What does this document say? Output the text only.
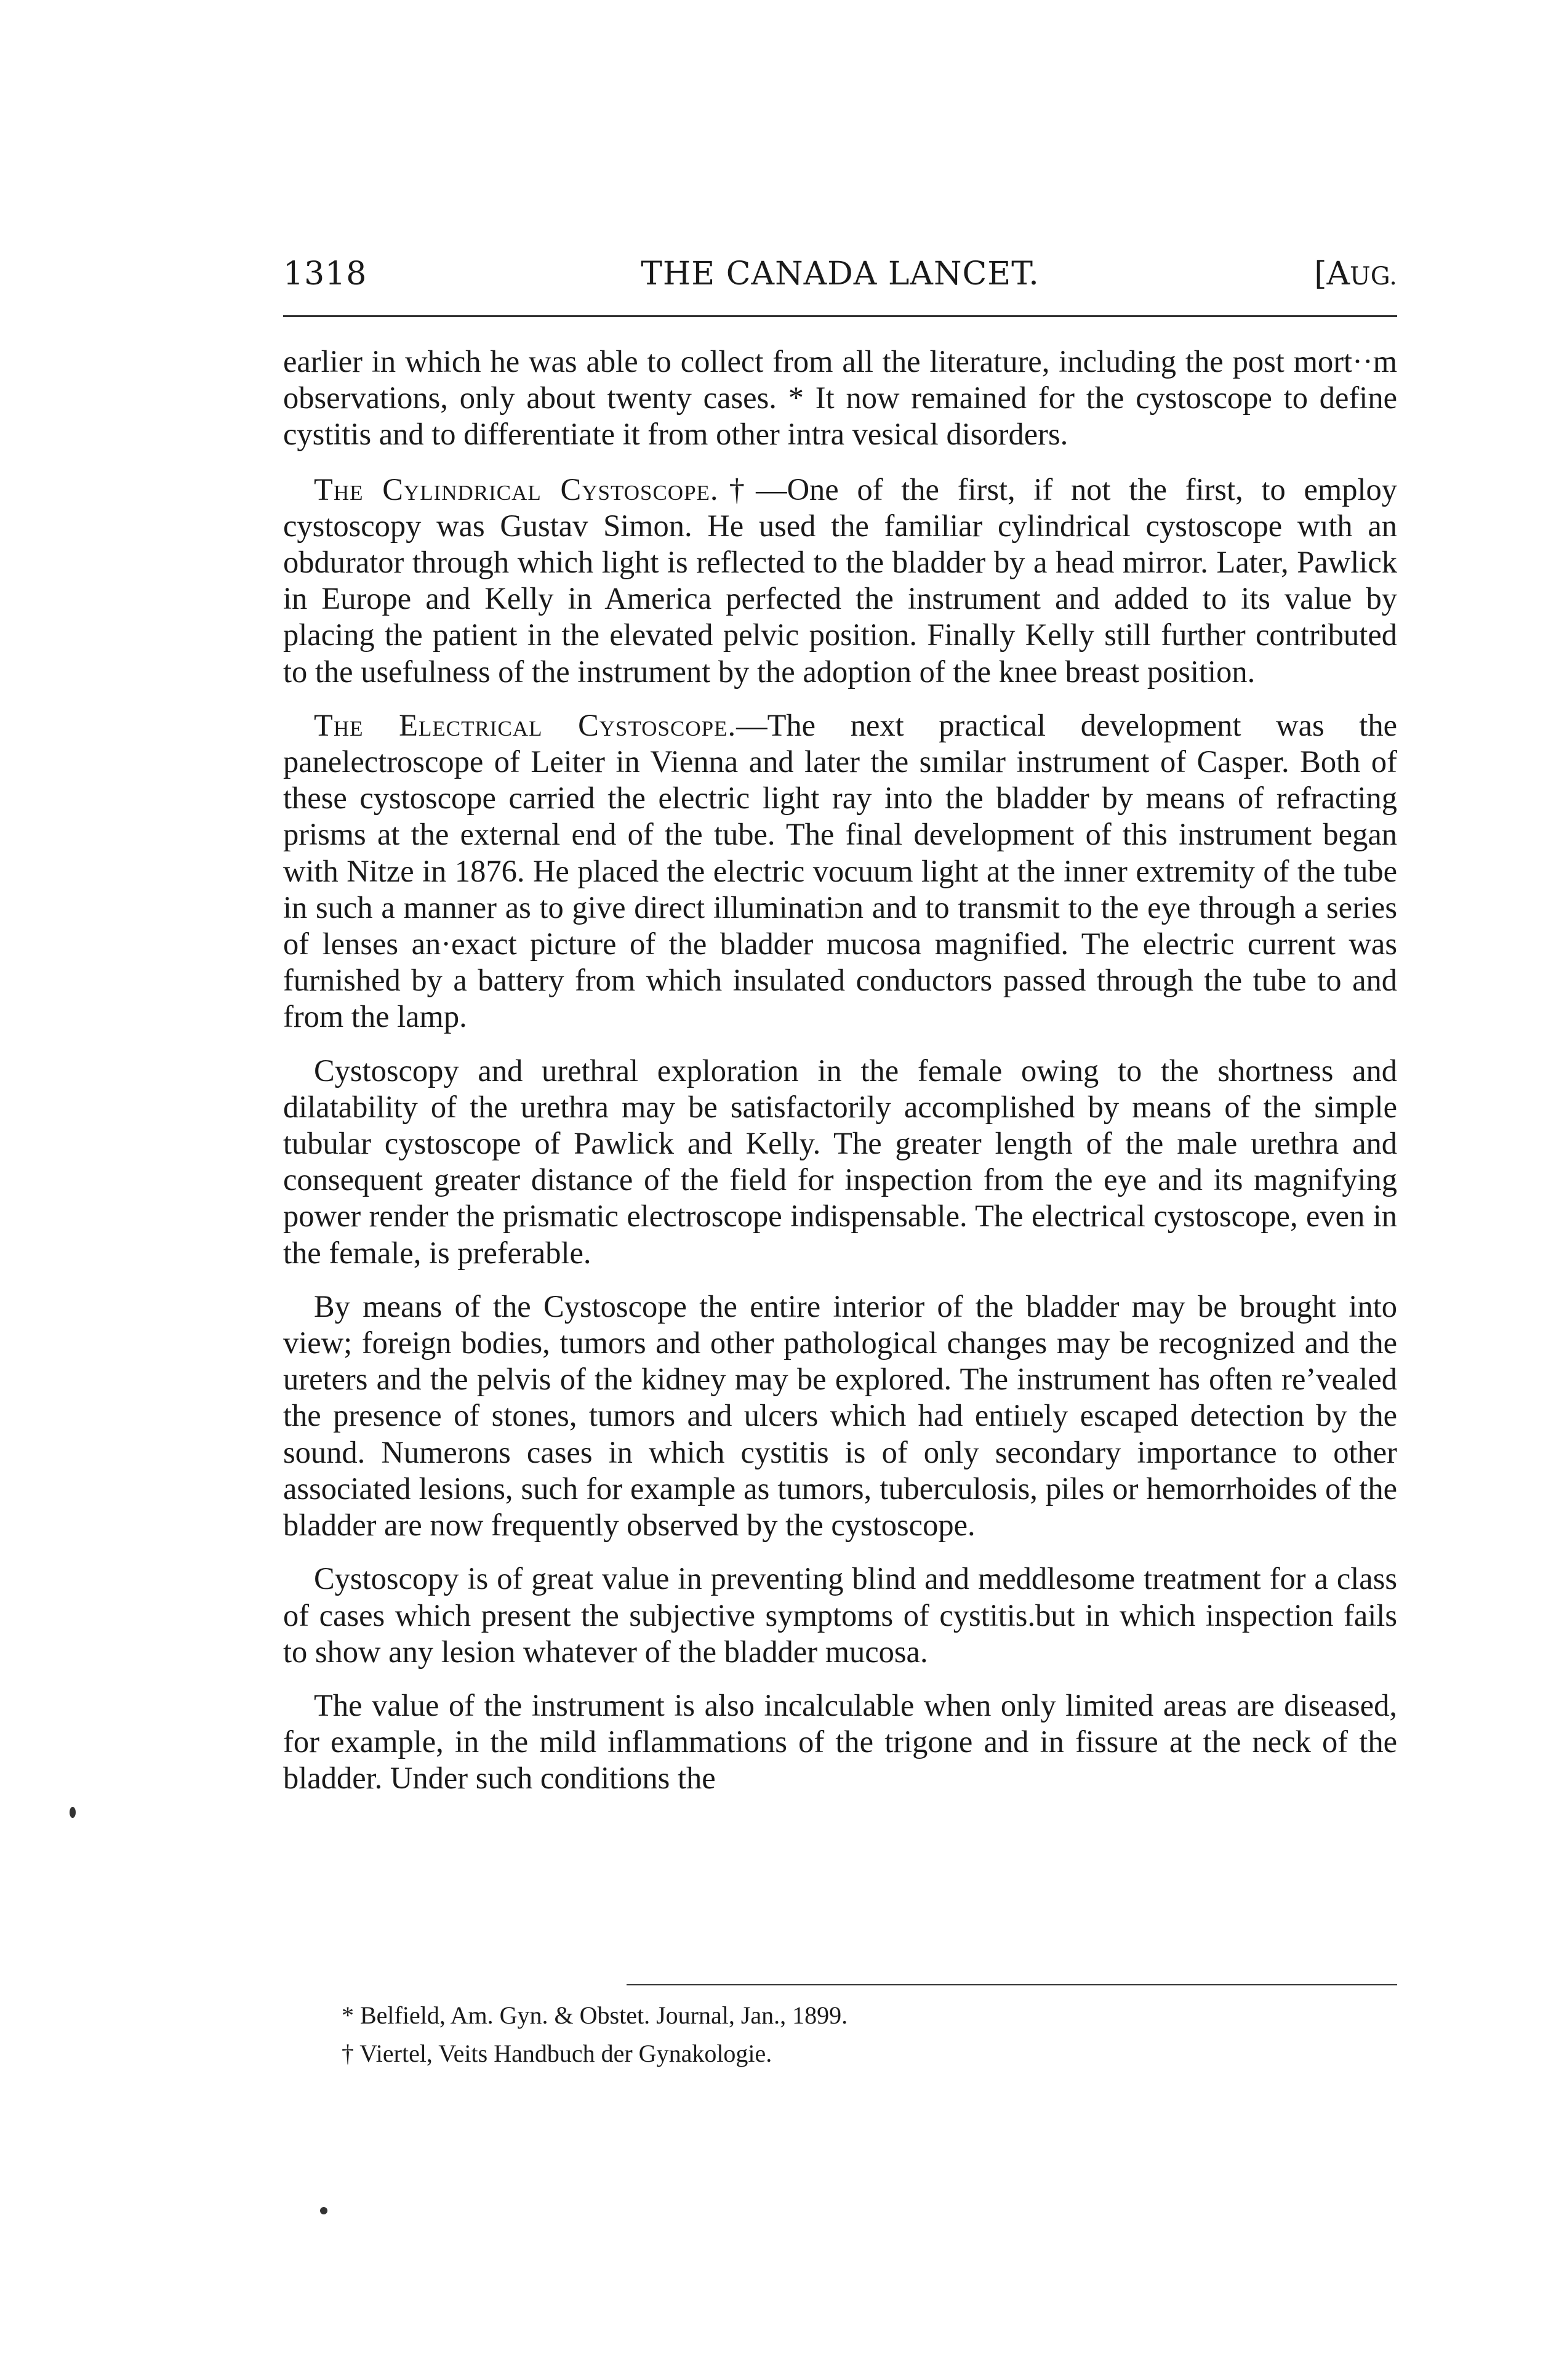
1318	THE CANADA LANCET.	[AUG.

earlier in which he was able to collect from all the literature, including the post mort··m observations, only about twenty cases. * It now remained for the cystoscope to define cystitis and to differentiate it from other intra vesical disorders.

The Cylindrical Cystoscope.†—One of the first, if not the first, to employ cystoscopy was Gustav Simon. He used the familiar cylindrical cystoscope wıth an obdurator through which light is reflected to the bladder by a head mirror. Later, Pawlick in Europe and Kelly in America perfected the instrument and added to its value by placing the patient in the elevated pelvic position. Finally Kelly still further contributed to the usefulness of the instrument by the adoption of the knee breast position.

The Electrical Cystoscope.—The next practical development was the panelectroscope of Leiter in Vienna and later the sımilar instrument of Casper. Both of these cystoscope carried the electric light ray into the bladder by means of refracting prisms at the external end of the tube. The final development of this instrument began with Nitze in 1876. He placed the electric vocuum light at the inner extremity of the tube in such a manner as to give direct illuminatiɔn and to transmit to the eye through a series of lenses an·exact picture of the bladder mucosa magnified. The electric current was furnished by a battery from which insulated conductors passed through the tube to and from the lamp.

Cystoscopy and urethral exploration in the female owing to the shortness and dilatability of the urethra may be satisfactorily accomplished by means of the simple tubular cystoscope of Pawlick and Kelly. The greater length of the male urethra and consequent greater distance of the field for inspection from the eye and its magnifying power render the prismatic electroscope indispensable. The electrical cystoscope, even in the female, is preferable.

By means of the Cystoscope the entire interior of the bladder may be brought into view; foreign bodies, tumors and other pathological changes may be recognized and the ureters and the pelvis of the kidney may be explored. The instrument has often re’vealed the presence of stones, tumors and ulcers which had entiıely escaped detection by the sound. Numerons cases in which cystitis is of only secondary importance to other associated lesions, such for example as tumors, tuberculosis, piles or hemorrhoides of the bladder are now frequently observed by the cystoscope.

Cystoscopy is of great value in preventing blind and meddlesome treatment for a class of cases which present the subjective symptoms of cystitis.but in which inspection fails to show any lesion whatever of the bladder mucosa.

The value of the instrument is also incalculable when only limited areas are diseased, for example, in the mild inflammations of the trigone and in fissure at the neck of the bladder. Under such conditions the

* Belfield, Am. Gyn. & Obstet. Journal, Jan., 1899.
† Viertel, Veits Handbuch der Gynakologie.
